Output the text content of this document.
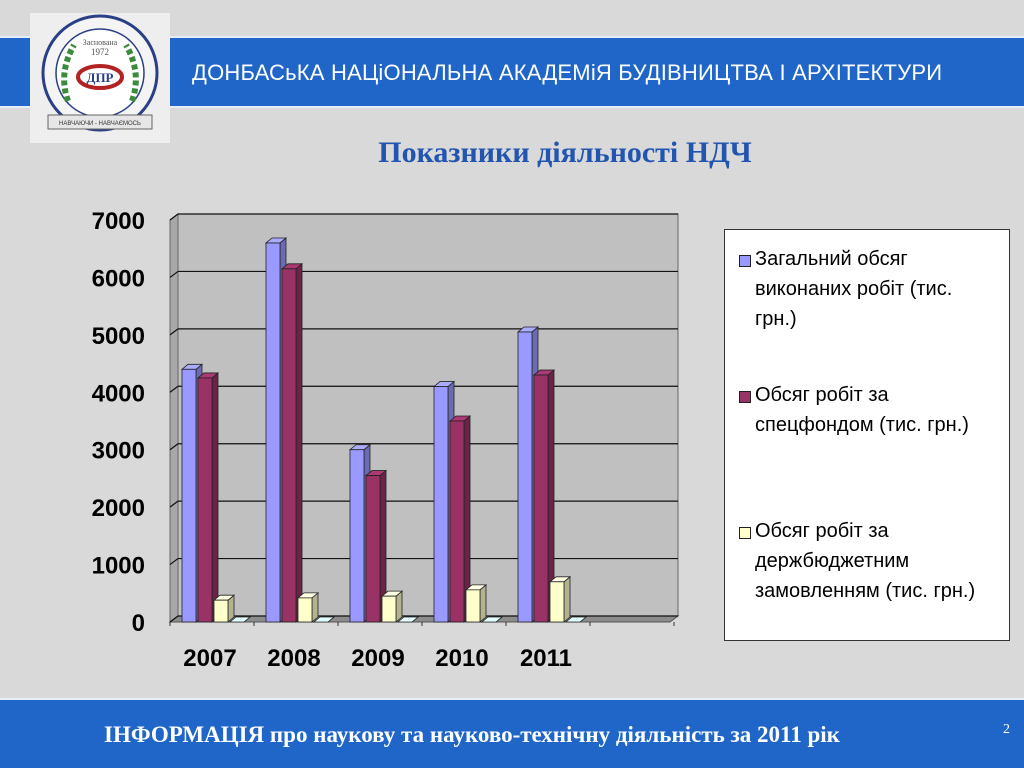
ДОНБАСьКА НАЦіОНАЛЬНА АКАДЕМіЯ БУДІВНИЦТВА І АРХІТЕКТУРИ
ДПР
Заснована
1972
НАВЧАЮЧИ - НАВЧАЄМОСЬ
Показники діяльності НДЧ
0
1000
2000
3000
4000
5000
6000
7000
2007 2008 2009 2010 2011
Загальний обсяг виконаних робіт (тис. грн.)
Обсяг робіт за спецфондом (тис. грн.)
Обсяг робіт за держбюджетним замовленням (тис. грн.)
ІНФОРМАЦІЯ про наукову та науково-технічну діяльність за 2011 рік	2
